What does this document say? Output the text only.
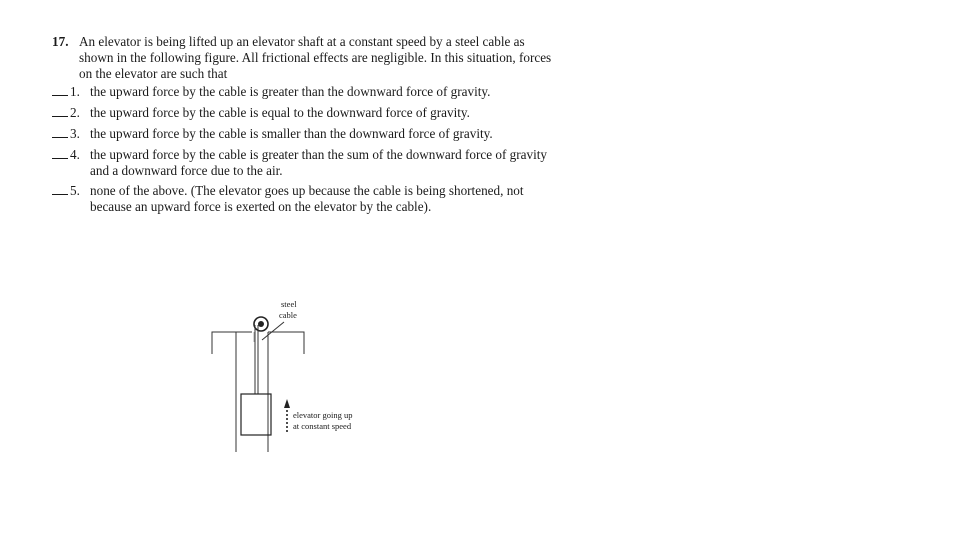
17. An elevator is being lifted up an elevator shaft at a constant speed by a steel cable as shown in the following figure. All frictional effects are negligible. In this situation, forces on the elevator are such that
1. the upward force by the cable is greater than the downward force of gravity.
2. the upward force by the cable is equal to the downward force of gravity.
3. the upward force by the cable is smaller than the downward force of gravity.
4. the upward force by the cable is greater than the sum of the downward force of gravity and a downward force due to the air.
5. none of the above. (The elevator goes up because the cable is being shortened, not because an upward force is exerted on the elevator by the cable).
steel
cable
elevator going up
at constant speed
